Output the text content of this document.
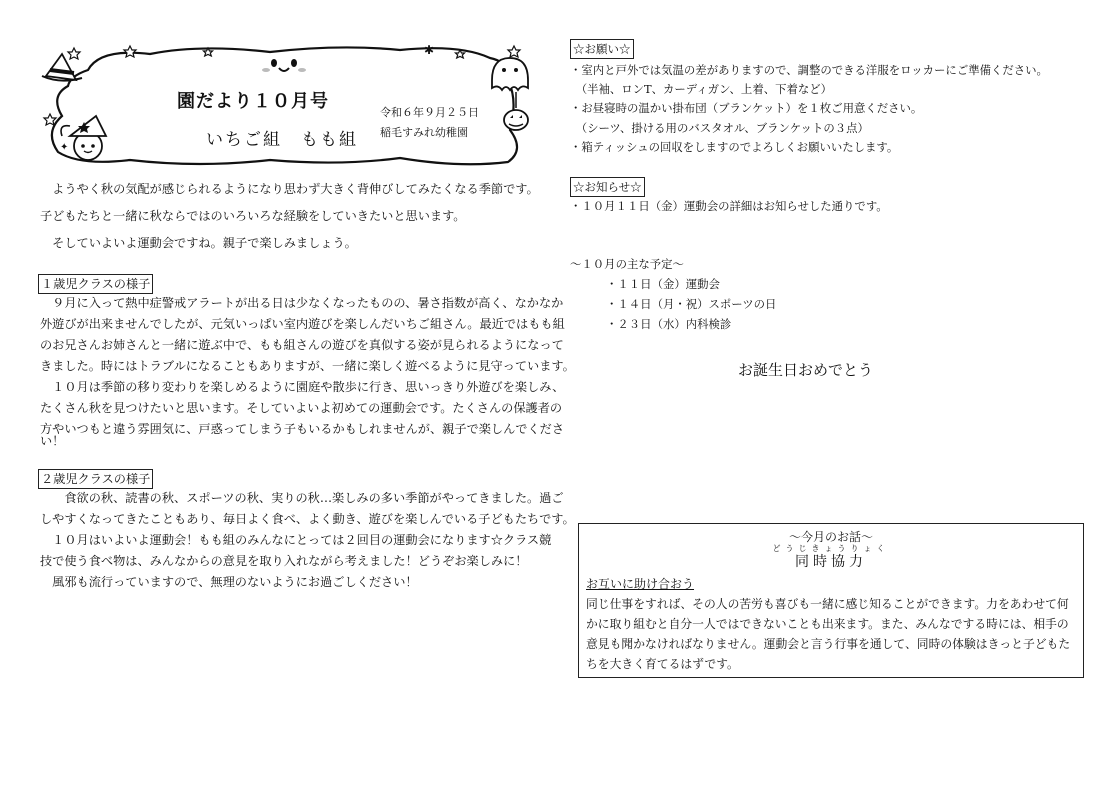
✱
✦
園だより１０月号
いちご組　もも組
令和６年９月２５日
稲毛すみれ幼稚園
　ようやく秋の気配が感じられるようになり思わず大きく背伸びしてみたくなる季節です。
子どもたちと一緒に秋ならではのいろいろな経験をしていきたいと思います。
　そしていよいよ運動会ですね。親子で楽しみましょう。
１歳児クラスの様子
　９月に入って熱中症警戒アラートが出る日は少なくなったものの、暑さ指数が高く、なかなか
外遊びが出来ませんでしたが、元気いっぱい室内遊びを楽しんだいちご組さん。最近ではもも組
のお兄さんお姉さんと一緒に遊ぶ中で、もも組さんの遊びを真似する姿が見られるようになって
きました。時にはトラブルになることもありますが、一緒に楽しく遊べるように見守っています。
　１０月は季節の移り変わりを楽しめるように園庭や散歩に行き、思いっきり外遊びを楽しみ、
たくさん秋を見つけたいと思います。そしていよいよ初めての運動会です。たくさんの保護者の
方やいつもと違う雰囲気に、戸惑ってしまう子もいるかもしれませんが、親子で楽しんでくださ
い！
２歳児クラスの様子
　　食欲の秋、読書の秋、スポーツの秋、実りの秋…楽しみの多い季節がやってきました。過ご
しやすくなってきたこともあり、毎日よく食べ、よく動き、遊びを楽しんでいる子どもたちです。
　１０月はいよいよ運動会！もも組のみんなにとっては２回目の運動会になります☆クラス競
技で使う食べ物は、みんなからの意見を取り入れながら考えました！どうぞお楽しみに！
　風邪も流行っていますので、無理のないようにお過ごしください！
☆お願い☆
・室内と戸外では気温の差がありますので、調整のできる洋服をロッカーにご準備ください。
　（半袖、ロンT、カーディガン、上着、下着など）
・お昼寝時の温かい掛布団（ブランケット）を１枚ご用意ください。
　（シーツ、掛ける用のバスタオル、ブランケットの３点）
・箱ティッシュの回収をしますのでよろしくお願いいたします。
☆お知らせ☆
・１０月１１日（金）運動会の詳細はお知らせした通りです。
～１０月の主な予定～
・１１日（金）運動会
・１４日（月・祝）スポーツの日
・２３日（水）内科検診
お誕生日おめでとう
～今月のお話～
どうじきょうりょく
同時協力
お互いに助け合おう
同じ仕事をすれば、その人の苦労も喜びも一緒に感じ知ることができます。力をあわせて何
かに取り組むと自分一人ではできないことも出来ます。また、みんなでする時には、相手の
意見も聞かなければなりません。運動会と言う行事を通して、同時の体験はきっと子どもた
ちを大きく育てるはずです。
